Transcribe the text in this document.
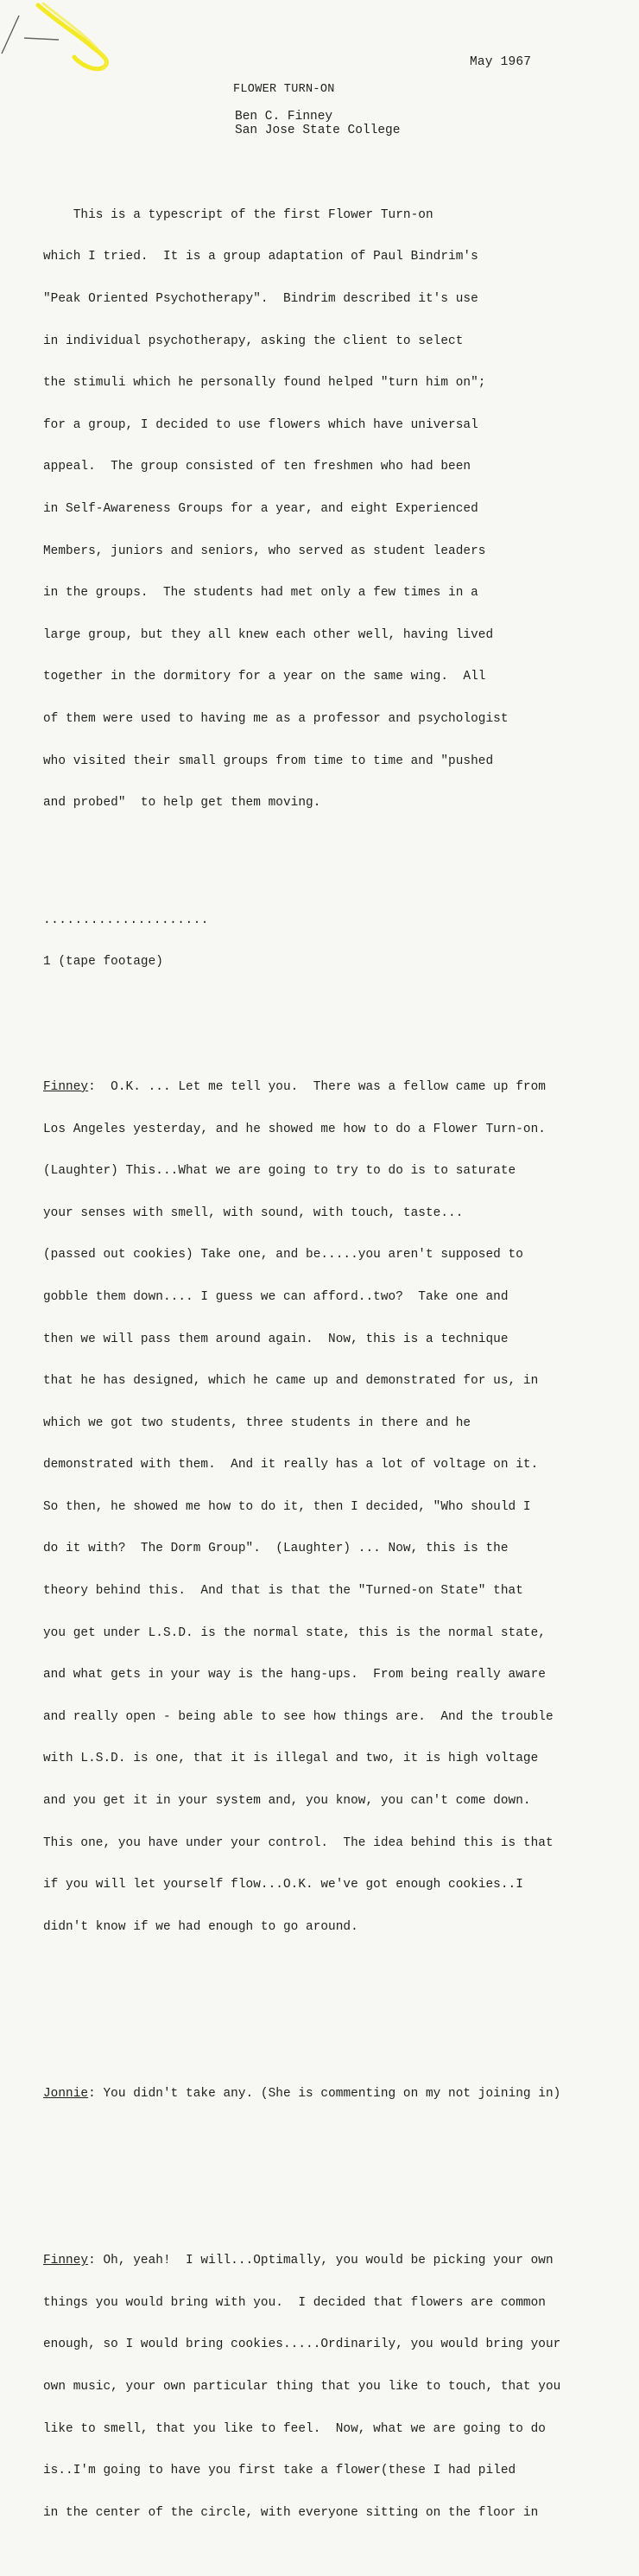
May 1967
FLOWER TURN-ON
Ben C. Finney
San Jose State College

This is a typescript of the first Flower Turn-on

which I tried.  It is a group adaptation of Paul Bindrim's

"Peak Oriented Psychotherapy".  Bindrim described it's use

in individual psychotherapy, asking the client to select

the stimuli which he personally found helped "turn him on";

for a group, I decided to use flowers which have universal

appeal.  The group consisted of ten freshmen who had been

in Self-Awareness Groups for a year, and eight Experienced

Members, juniors and seniors, who served as student leaders

in the groups.  The students had met only a few times in a

large group, but they all knew each other well, having lived

together in the dormitory for a year on the same wing.  All

of them were used to having me as a professor and psychologist

who visited their small groups from time to time and "pushed

and probed"  to help get them moving.

.....................

1 (tape footage)

Finney:  O.K. ... Let me tell you.  There was a fellow came up from

Los Angeles yesterday, and he showed me how to do a Flower Turn-on.

(Laughter) This...What we are going to try to do is to saturate

your senses with smell, with sound, with touch, taste...

(passed out cookies) Take one, and be.....you aren't supposed to

gobble them down.... I guess we can afford..two?  Take one and

then we will pass them around again.  Now, this is a technique

that he has designed, which he came up and demonstrated for us, in

which we got two students, three students in there and he

demonstrated with them.  And it really has a lot of voltage on it.

So then, he showed me how to do it, then I decided, "Who should I

do it with?  The Dorm Group".  (Laughter) ... Now, this is the

theory behind this.  And that is that the "Turned-on State" that

you get under L.S.D. is the normal state, this is the normal state,

and what gets in your way is the hang-ups.  From being really aware

and really open - being able to see how things are.  And the trouble

with L.S.D. is one, that it is illegal and two, it is high voltage

and you get it in your system and, you know, you can't come down.

This one, you have under your control.  The idea behind this is that

if you will let yourself flow...O.K. we've got enough cookies..I

didn't know if we had enough to go around.

Jonnie: You didn't take any. (She is commenting on my not joining in)

Finney: Oh, yeah!  I will...Optimally, you would be picking your own

things you would bring with you.  I decided that flowers are common

enough, so I would bring cookies.....Ordinarily, you would bring your

own music, your own particular thing that you like to touch, that you

like to smell, that you like to feel.  Now, what we are going to do

is..I'm going to have you first take a flower(these I had piled

in the center of the circle, with everyone sitting on the floor in
